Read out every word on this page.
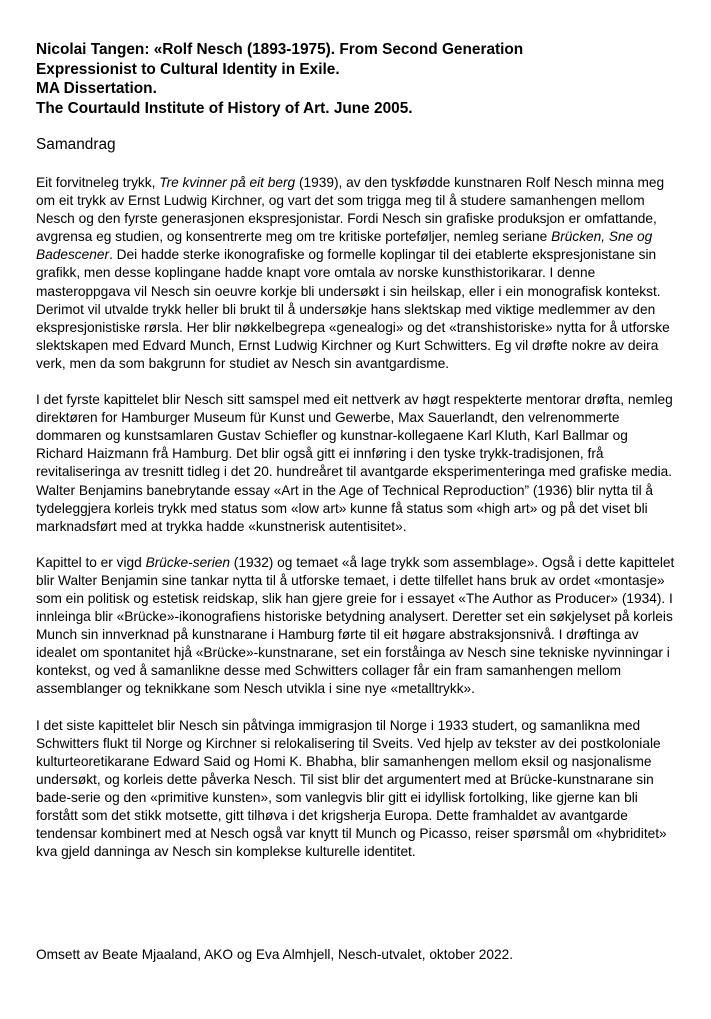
Nicolai Tangen: «Rolf Nesch (1893-1975). From Second Generation
Expressionist to Cultural Identity in Exile.
MA Dissertation.
The Courtauld Institute of History of Art. June 2005.
Samandrag

Eit forvitneleg trykk, Tre kvinner på eit berg (1939), av den tyskfødde kunstnaren Rolf Nesch minna meg om eit trykk av Ernst Ludwig Kirchner, og vart det som trigga meg til å studere samanhengen mellom Nesch og den fyrste generasjonen ekspresjonistar. Fordi Nesch sin grafiske produksjon er omfattande, avgrensa eg studien, og konsentrerte meg om tre kritiske porteføljer, nemleg seriane Brücken, Sne og Badescener. Dei hadde sterke ikonografiske og formelle koplingar til dei etablerte ekspresjonistane sin grafikk, men desse koplingane hadde knapt vore omtala av norske kunsthistorikarar. I denne masteroppgava vil Nesch sin oeuvre korkje bli undersøkt i sin heilskap, eller i ein monografisk kontekst. Derimot vil utvalde trykk heller bli brukt til å undersøkje hans slektskap med viktige medlemmer av den ekspresjonistiske rørsla. Her blir nøkkelbegrepa «genealogi» og det «transhistoriske» nytta for å utforske slektskapen med Edvard Munch, Ernst Ludwig Kirchner og Kurt Schwitters. Eg vil drøfte nokre av deira verk, men da som bakgrunn for studiet av Nesch sin avantgardisme.

I det fyrste kapittelet blir Nesch sitt samspel med eit nettverk av høgt respekterte mentorar drøfta, nemleg direktøren for Hamburger Museum für Kunst und Gewerbe, Max Sauerlandt, den velrenommerte dommaren og kunstsamlaren Gustav Schiefler og kunstnar-kollegaene Karl Kluth, Karl Ballmar og Richard Haizmann frå Hamburg. Det blir også gitt ei innføring i den tyske trykk-tradisjonen, frå revitaliseringa av tresnitt tidleg i det 20. hundreåret til avantgarde eksperimenteringa med grafiske media. Walter Benjamins banebrytande essay «Art in the Age of Technical Reproduction” (1936) blir nytta til å tydeleggjera korleis trykk med status som «low art» kunne få status som «high art» og på det viset bli marknadsført med at trykka hadde «kunstnerisk autentisitet».

Kapittel to er vigd Brücke-serien (1932) og temaet «å lage trykk som assemblage». Også i dette kapittelet blir Walter Benjamin sine tankar nytta til å utforske temaet, i dette tilfellet hans bruk av ordet «montasje» som ein politisk og estetisk reidskap, slik han gjere greie for i essayet «The Author as Producer» (1934). I innleinga blir «Brücke»-ikonografiens historiske betydning analysert. Deretter set ein søkjelyset på korleis Munch sin innverknad på kunstnarane i Hamburg førte til eit høgare abstraksjonsnivå. I drøftinga av idealet om spontanitet hjå «Brücke»-kunstnarane, set ein forståinga av Nesch sine tekniske nyvinningar i kontekst, og ved å samanlikne desse med Schwitters collager får ein fram samanhengen mellom assemblanger og teknikkane som Nesch utvikla i sine nye «metalltrykk».

I det siste kapittelet blir Nesch sin påtvinga immigrasjon til Norge i 1933 studert, og samanlikna med Schwitters flukt til Norge og Kirchner si relokalisering til Sveits. Ved hjelp av tekster av dei postkoloniale kulturteoretikarane Edward Said og Homi K. Bhabha, blir samanhengen mellom eksil og nasjonalisme undersøkt, og korleis dette påverka Nesch. Til sist blir det argumentert med at Brücke-kunstnarane sin bade-serie og den «primitive kunsten», som vanlegvis blir gitt ei idyllisk fortolking, like gjerne kan bli forstått som det stikk motsette, gitt tilhøva i det krigsherja Europa. Dette framhaldet av avantgarde tendensar kombinert med at Nesch også var knytt til Munch og Picasso, reiser spørsmål om «hybriditet» kva gjeld danninga av Nesch sin komplekse kulturelle identitet.

Omsett av Beate Mjaaland, AKO og Eva Almhjell, Nesch-utvalet, oktober 2022.
